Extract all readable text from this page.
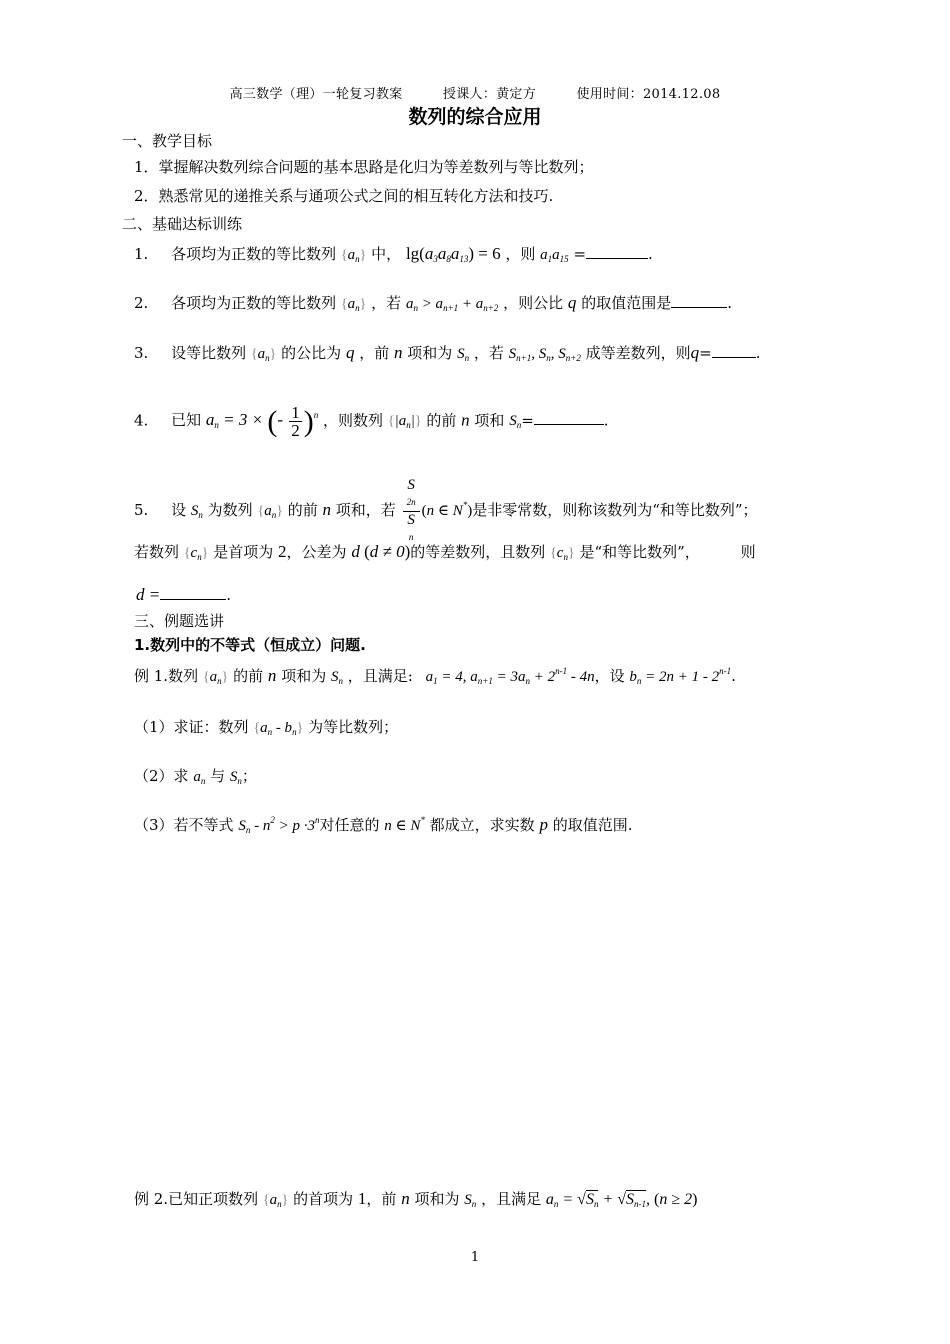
高三数学（理）一轮复习教案	授课人：黄定方	使用时间：2014.12.08
数列的综合应用
一、教学目标
1．掌握解决数列综合问题的基本思路是化归为等差数列与等比数列；
2．熟悉常见的递推关系与通项公式之间的相互转化方法和技巧.
二、基础达标训练
1. 各项均为正数的等比数列 $\{a_n\}$ 中， $\lg(a_3a_8a_{13}) = 6$ ，则 $a_1a_{15}$ =	.
2. 各项均为正数的等比数列 $\{a_n\}$ ，若 $a_n > a_{n+1} + a_{n+2}$ ，则公比 q 的取值范围是	.
3. 设等比数列 $\{a_n\}$ 的公比为 q ，前 n 项和为 $S_n$ ，若 $S_{n+1}$, $S_n$, $S_{n+2}$ 成等差数列，则q=	.
4. 已知 $a_n = 3$ × (- $\frac{1}{2} )^n$ ，则数列 $\{|a_n|\}$ 的前 n 项和 $S_n=$	.
5. 设 $S_n$ 为数列 $\{a_n\}$ 的前 n 项和，若 S
2n
S
n (n ∈ N*)是非零常数，则称该数列为“和等比数列”；
若数列 $\{c_n\}$ 是首项为 2，公差为 d (d ≠ 0)的等差数列，且数列 $\{c_n\}$ 是“和等比数列”，	则
d =	.
三、例题选讲
1.数列中的不等式（恒成立）问题.
例 1.数列 $\{a_n\}$ 的前 n 项和为 $S_n$ ，且满足: $a_1 = 4$, $a_{n+1} = 3a_n + 2^{n-1} - 4n$，设 $b_n = 2n + 1 - 2^{n-1}$.
（1）求证：数列 $\{a_n - b_n\}$ 为等比数列；
（2）求 $a_n$ 与 $S_n$；
（3）若不等式 $S_n - n^2 > p \cdot 3^n$对任意的 n ∈ N* 都成立，求实数 p 的取值范围.
例 2.已知正项数列 $\{a_n\}$ 的首项为 1，前 n 项和为 $S_n$ ，且满足 $a_n = √S_n + √S_{n-1}$, (n ≥ 2)
1
